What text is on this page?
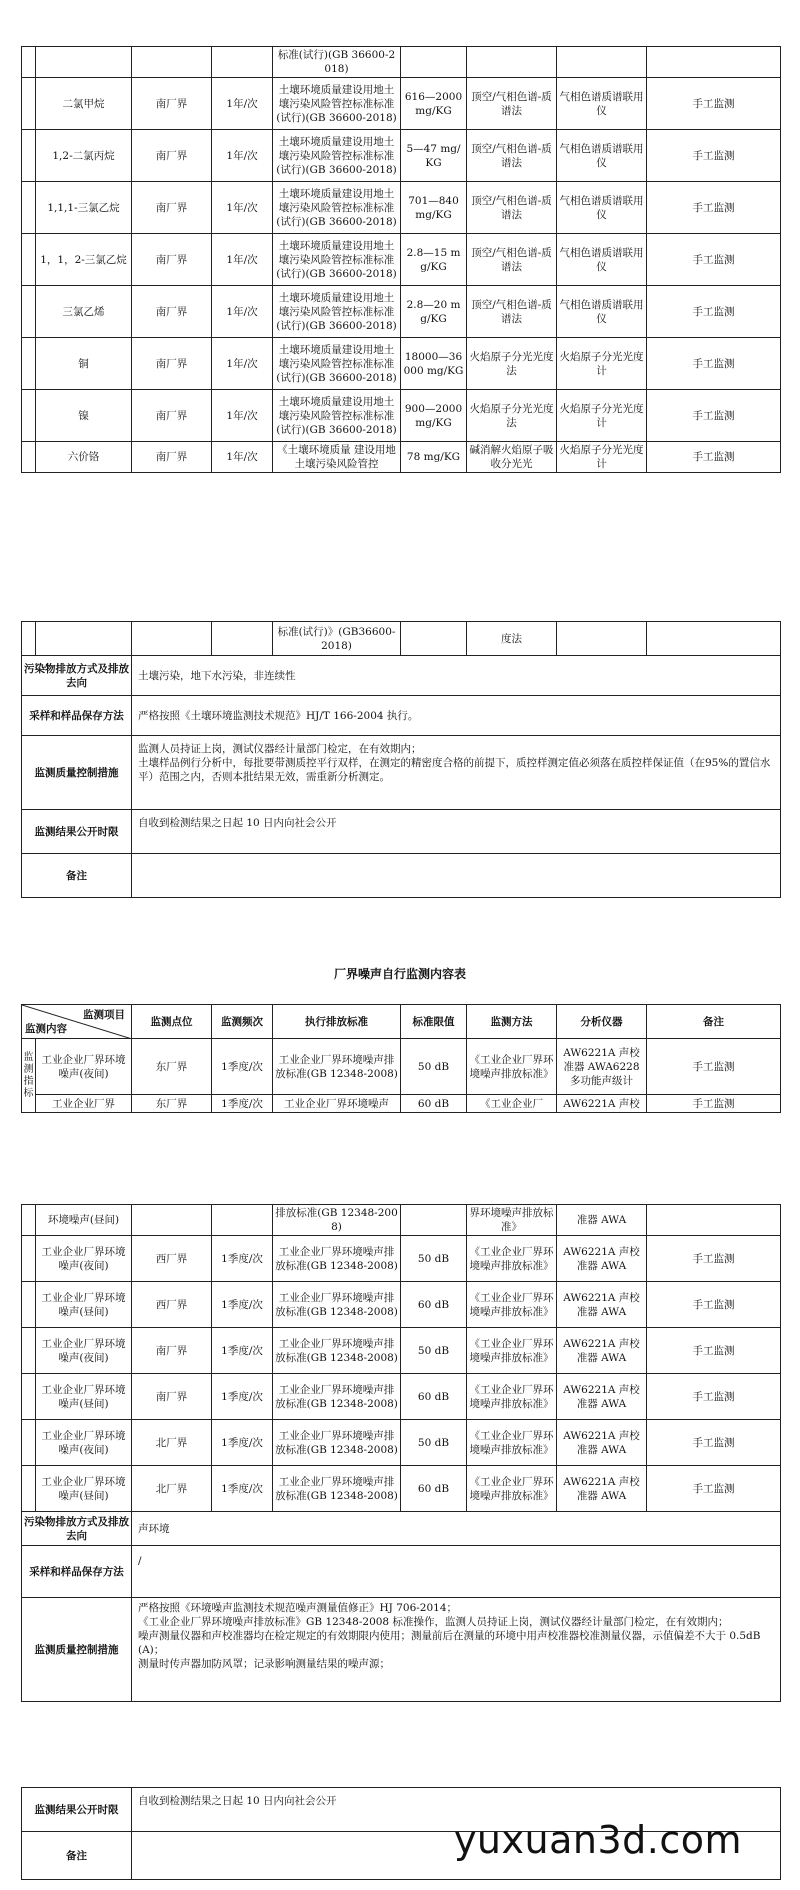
				标准(试行)(GB 36600-2018)				
	二氯甲烷	南厂界	1年/次	土壤环境质量建设用地土壤污染风险管控标准标准(试行)(GB 36600-2018)	616—2000 mg/KG	顶空/气相色谱-质谱法	气相色谱质谱联用仪	手工监测
	1,2-二氯丙烷	南厂界	1年/次	土壤环境质量建设用地土壤污染风险管控标准标准(试行)(GB 36600-2018)	5—47 mg/KG	顶空/气相色谱-质谱法	气相色谱质谱联用仪	手工监测
	1,1,1-三氯乙烷	南厂界	1年/次	土壤环境质量建设用地土壤污染风险管控标准标准(试行)(GB 36600-2018)	701—840 mg/KG	顶空/气相色谱-质谱法	气相色谱质谱联用仪	手工监测
	1，1，2-三氯乙烷	南厂界	1年/次	土壤环境质量建设用地土壤污染风险管控标准标准(试行)(GB 36600-2018)	2.8—15 mg/KG	顶空/气相色谱-质谱法	气相色谱质谱联用仪	手工监测
	三氯乙烯	南厂界	1年/次	土壤环境质量建设用地土壤污染风险管控标准标准(试行)(GB 36600-2018)	2.8—20 mg/KG	顶空/气相色谱-质谱法	气相色谱质谱联用仪	手工监测
	铜	南厂界	1年/次	土壤环境质量建设用地土壤污染风险管控标准标准(试行)(GB 36600-2018)	18000—36000 mg/KG	火焰原子分光光度法	火焰原子分光光度计	手工监测
	镍	南厂界	1年/次	土壤环境质量建设用地土壤污染风险管控标准标准(试行)(GB 36600-2018)	900—2000 mg/KG	火焰原子分光光度法	火焰原子分光光度计	手工监测
	六价铬	南厂界	1年/次	《土壤环境质量 建设用地土壤污染风险管控	78 mg/KG	碱消解火焰原子吸收分光光	火焰原子分光光度计	手工监测
				标准(试行)》(GB36600-2018)		度法		
污染物排放方式及排放去向		土壤污染，地下水污染，非连续性						
采样和样品保存方法		严格按照《土壤环境监测技术规范》HJ/T 166-2004 执行。						
监测质量控制措施		监测人员持证上岗，测试仪器经计量部门检定，在有效期内；
土壤样品例行分析中，每批要带测质控平行双样，在测定的精密度合格的前提下，质控样测定值必须落在质控样保证值（在95%的置信水平）范围之内，否则本批结果无效，需重新分析测定。						

监测结果公开时限		自收到检测结果之日起 10 日内向社会公开						
备注								
厂界噪声自行监测内容表
监测项目
监测内容		监测点位	监测频次	执行排放标准	标准限值	监测方法	分析仪器	备注
监测指标	工业企业厂界环境噪声(夜间)	东厂界	1季度/次	工业企业厂界环境噪声排放标准(GB 12348-2008)	50 dB	《工业企业厂界环境噪声排放标准》	AW6221A 声校准器 AWA6228 多功能声级计	手工监测
	工业企业厂界	东厂界	1季度/次	工业企业厂界环境噪声	60 dB	《工业企业厂	AW6221A 声校	手工监测
	环境噪声(昼间)			排放标准(GB 12348-2008)		界环境噪声排放标准》	准器 AWA	
	工业企业厂界环境噪声(夜间)	西厂界	1季度/次	工业企业厂界环境噪声排放标准(GB 12348-2008)	50 dB	《工业企业厂界环境噪声排放标准》	AW6221A 声校准器 AWA	手工监测
	工业企业厂界环境噪声(昼间)	西厂界	1季度/次	工业企业厂界环境噪声排放标准(GB 12348-2008)	60 dB	《工业企业厂界环境噪声排放标准》	AW6221A 声校准器 AWA	手工监测
	工业企业厂界环境噪声(夜间)	南厂界	1季度/次	工业企业厂界环境噪声排放标准(GB 12348-2008)	50 dB	《工业企业厂界环境噪声排放标准》	AW6221A 声校准器 AWA	手工监测
	工业企业厂界环境噪声(昼间)	南厂界	1季度/次	工业企业厂界环境噪声排放标准(GB 12348-2008)	60 dB	《工业企业厂界环境噪声排放标准》	AW6221A 声校准器 AWA	手工监测
	工业企业厂界环境噪声(夜间)	北厂界	1季度/次	工业企业厂界环境噪声排放标准(GB 12348-2008)	50 dB	《工业企业厂界环境噪声排放标准》	AW6221A 声校准器 AWA	手工监测
	工业企业厂界环境噪声(昼间)	北厂界	1季度/次	工业企业厂界环境噪声排放标准(GB 12348-2008)	60 dB	《工业企业厂界环境噪声排放标准》	AW6221A 声校准器 AWA	手工监测
污染物排放方式及排放去向		声环境						
采样和样品保存方法		/						
监测质量控制措施		严格按照《环境噪声监测技术规范噪声测量值修正》HJ 706-2014；
《工业企业厂界环境噪声排放标准》GB 12348-2008 标准操作，监测人员持证上岗，测试仪器经计量部门检定，在有效期内；
噪声测量仪器和声校准器均在检定规定的有效期限内使用；测量前后在测量的环境中用声校准器校准测量仪器，示值偏差不大于 0.5dB(A)；
测量时传声器加防风罩；记录影响测量结果的噪声源；						
监测结果公开时限	自收到检测结果之日起 10 日内向社会公开
备注		yuxuan3d.com
